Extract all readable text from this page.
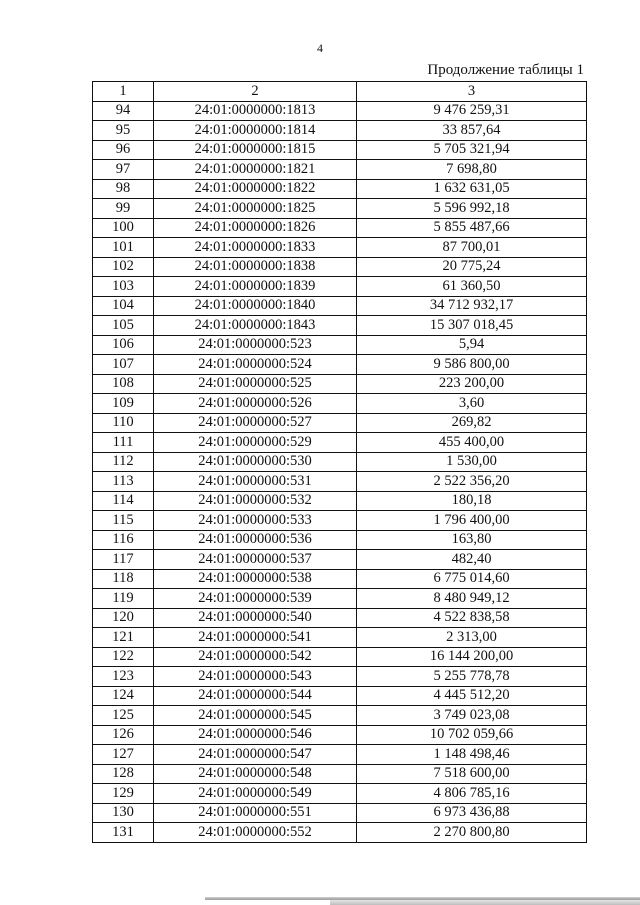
4
Продолжение таблицы 1
1	2	3
94	24:01:0000000:1813	9 476 259,31
95	24:01:0000000:1814	33 857,64
96	24:01:0000000:1815	5 705 321,94
97	24:01:0000000:1821	7 698,80
98	24:01:0000000:1822	1 632 631,05
99	24:01:0000000:1825	5 596 992,18
100	24:01:0000000:1826	5 855 487,66
101	24:01:0000000:1833	87 700,01
102	24:01:0000000:1838	20 775,24
103	24:01:0000000:1839	61 360,50
104	24:01:0000000:1840	34 712 932,17
105	24:01:0000000:1843	15 307 018,45
106	24:01:0000000:523	5,94
107	24:01:0000000:524	9 586 800,00
108	24:01:0000000:525	223 200,00
109	24:01:0000000:526	3,60
110	24:01:0000000:527	269,82
111	24:01:0000000:529	455 400,00
112	24:01:0000000:530	1 530,00
113	24:01:0000000:531	2 522 356,20
114	24:01:0000000:532	180,18
115	24:01:0000000:533	1 796 400,00
116	24:01:0000000:536	163,80
117	24:01:0000000:537	482,40
118	24:01:0000000:538	6 775 014,60
119	24:01:0000000:539	8 480 949,12
120	24:01:0000000:540	4 522 838,58
121	24:01:0000000:541	2 313,00
122	24:01:0000000:542	16 144 200,00
123	24:01:0000000:543	5 255 778,78
124	24:01:0000000:544	4 445 512,20
125	24:01:0000000:545	3 749 023,08
126	24:01:0000000:546	10 702 059,66
127	24:01:0000000:547	1 148 498,46
128	24:01:0000000:548	7 518 600,00
129	24:01:0000000:549	4 806 785,16
130	24:01:0000000:551	6 973 436,88
131	24:01:0000000:552	2 270 800,80
